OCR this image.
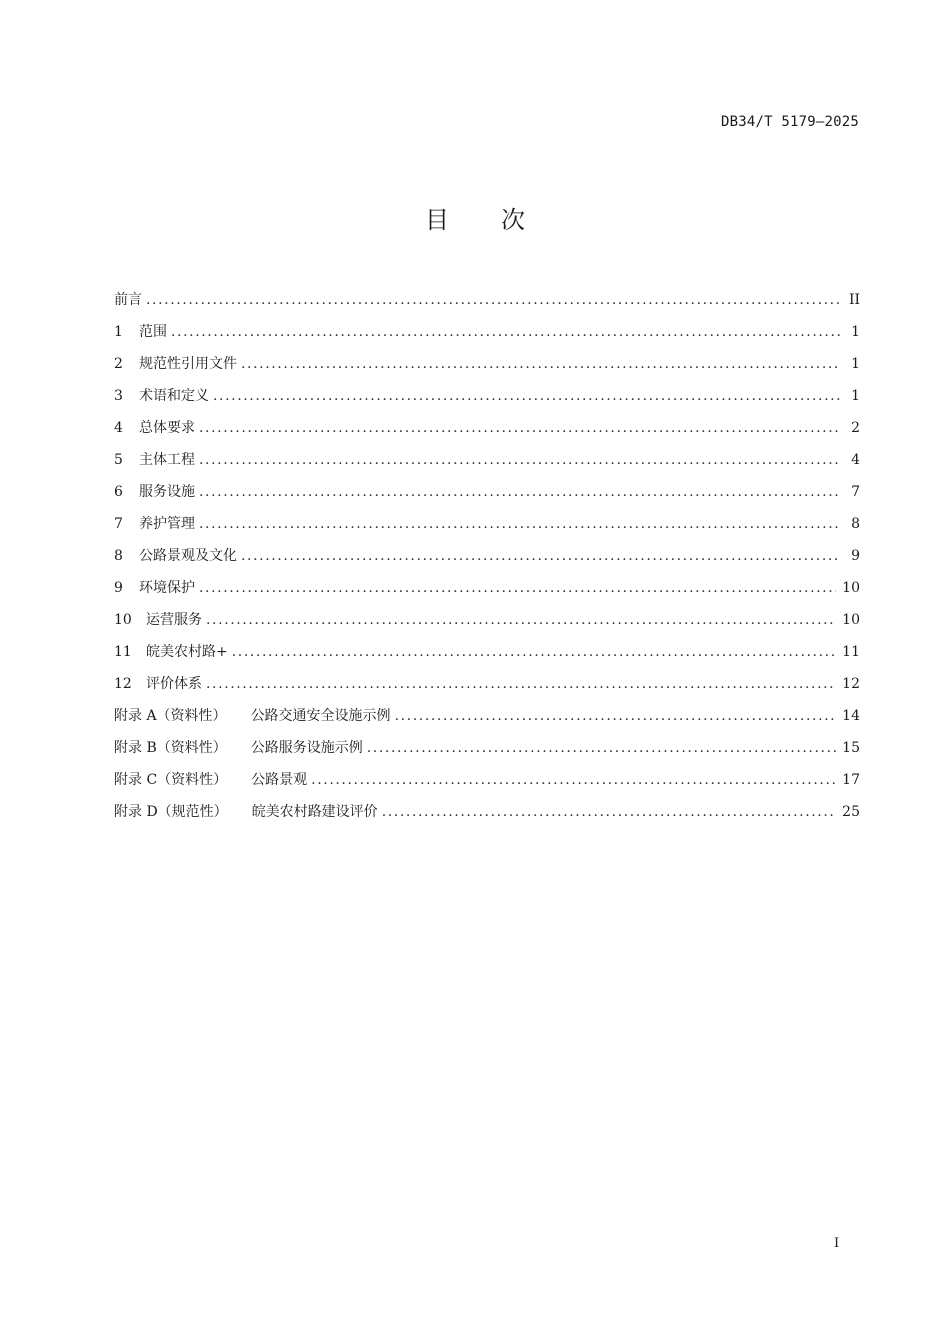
DB34/T 5179—2025
目 次
前言 .....	II
1	范围 .....	1
2	规范性引用文件 .....	1
3	术语和定义 .....	1
4	总体要求 .....	2
5	主体工程 .....	4
6	服务设施 .....	7
7	养护管理 .....	8
8	公路景观及文化 .....	9
9	环境保护 .....	10
10	运营服务 .....	10
11	皖美农村路+ .....	11
12	评价体系 .....	12
附录 A（资料性） 公路交通安全设施示例 .....	14
附录 B（资料性） 公路服务设施示例 .....	15
附录 C（资料性） 公路景观 .....	17
附录 D（规范性） 皖美农村路建设评价 .....	25
I
